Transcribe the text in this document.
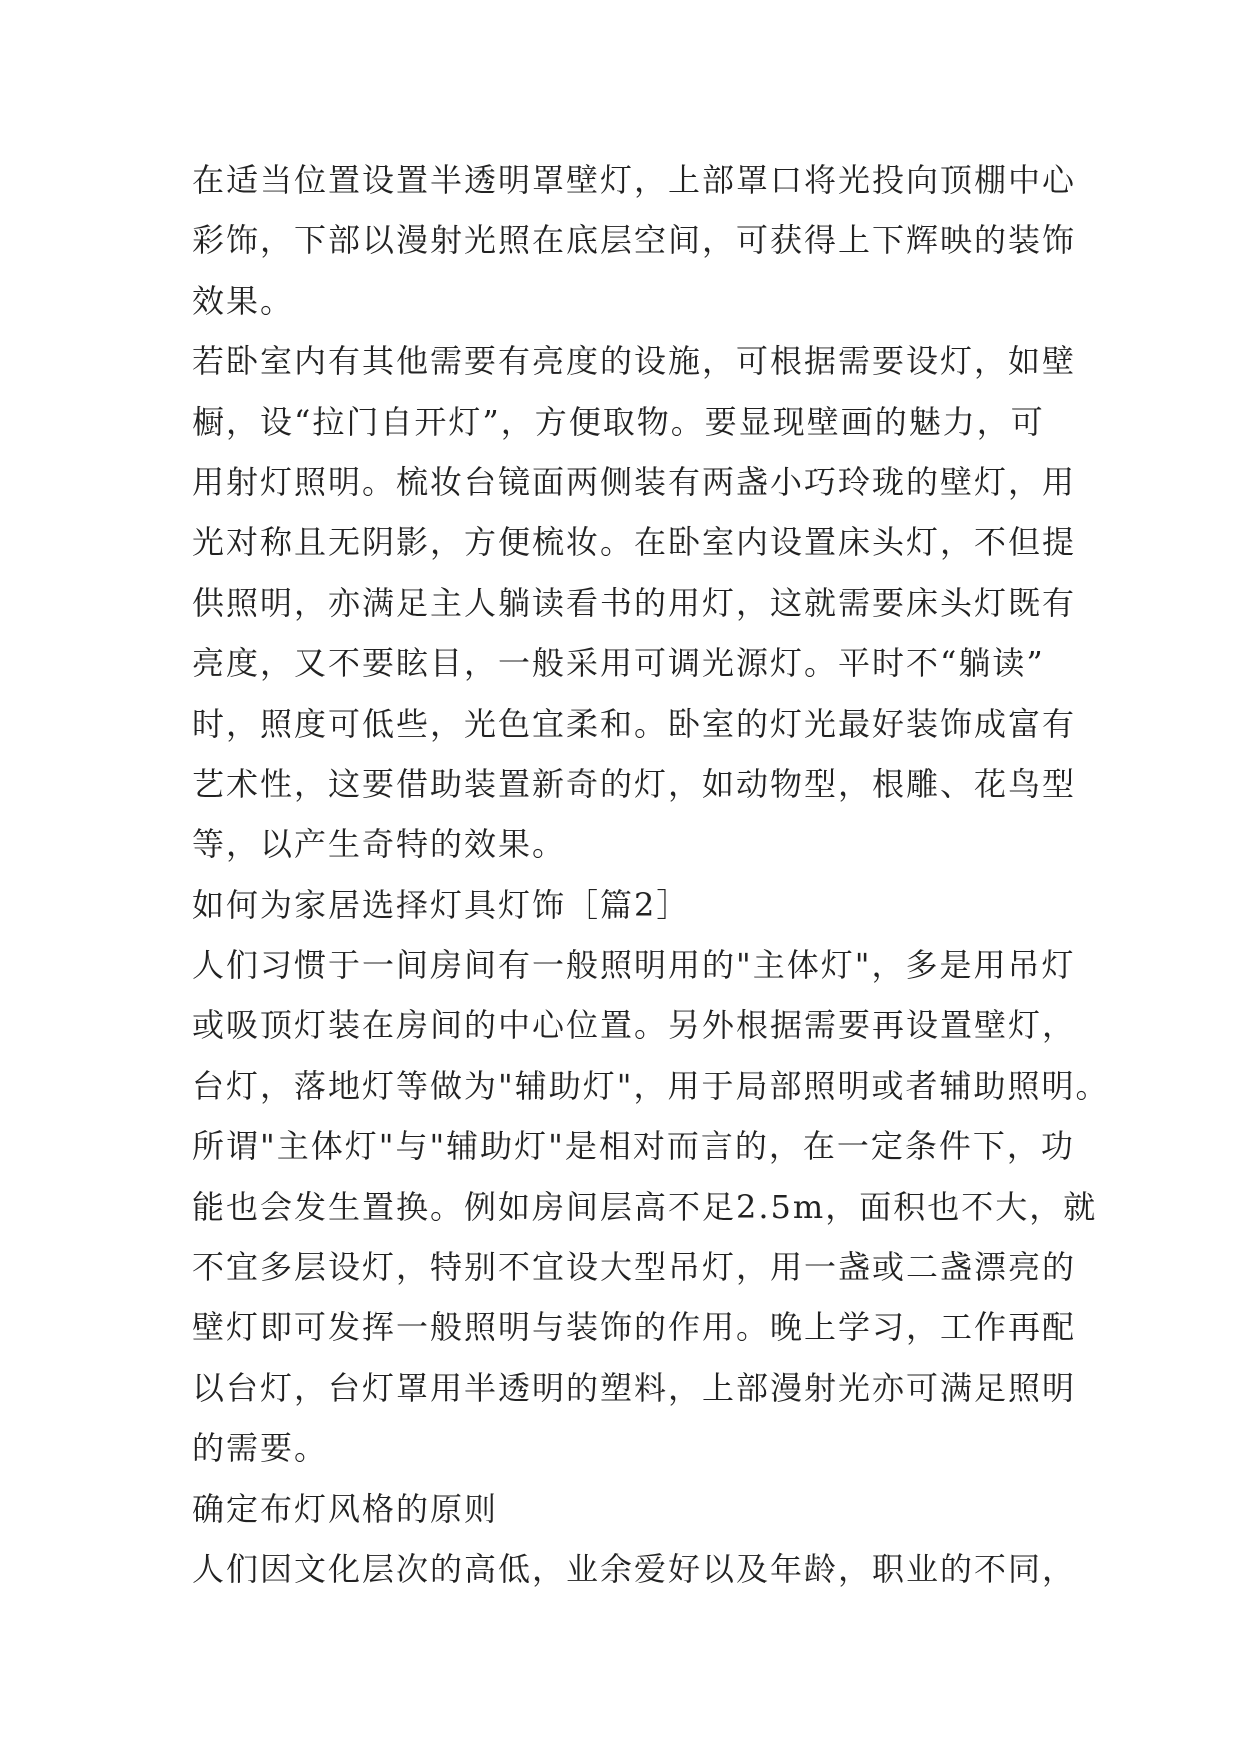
在适当位置设置半透明罩壁灯，上部罩口将光投向顶棚中心
彩饰，下部以漫射光照在底层空间，可获得上下辉映的装饰
效果。
若卧室内有其他需要有亮度的设施，可根据需要设灯，如壁
橱，设“拉门自开灯”，方便取物。要显现壁画的魅力，可
用射灯照明。梳妆台镜面两侧装有两盏小巧玲珑的壁灯，用
光对称且无阴影，方便梳妆。在卧室内设置床头灯，不但提
供照明，亦满足主人躺读看书的用灯，这就需要床头灯既有
亮度，又不要眩目，一般采用可调光源灯。平时不“躺读”
时，照度可低些，光色宜柔和。卧室的灯光最好装饰成富有
艺术性，这要借助装置新奇的灯，如动物型，根雕、花鸟型
等，以产生奇特的效果。
如何为家居选择灯具灯饰［篇2］
人们习惯于一间房间有一般照明用的"主体灯"，多是用吊灯
或吸顶灯装在房间的中心位置。另外根据需要再设置壁灯，
台灯，落地灯等做为"辅助灯"，用于局部照明或者辅助照明。
所谓"主体灯"与"辅助灯"是相对而言的，在一定条件下，功
能也会发生置换。例如房间层高不足2.5m，面积也不大，就
不宜多层设灯，特别不宜设大型吊灯，用一盏或二盏漂亮的
壁灯即可发挥一般照明与装饰的作用。晚上学习，工作再配
以台灯，台灯罩用半透明的塑料，上部漫射光亦可满足照明
的需要。
确定布灯风格的原则
人们因文化层次的高低，业余爱好以及年龄，职业的不同，
